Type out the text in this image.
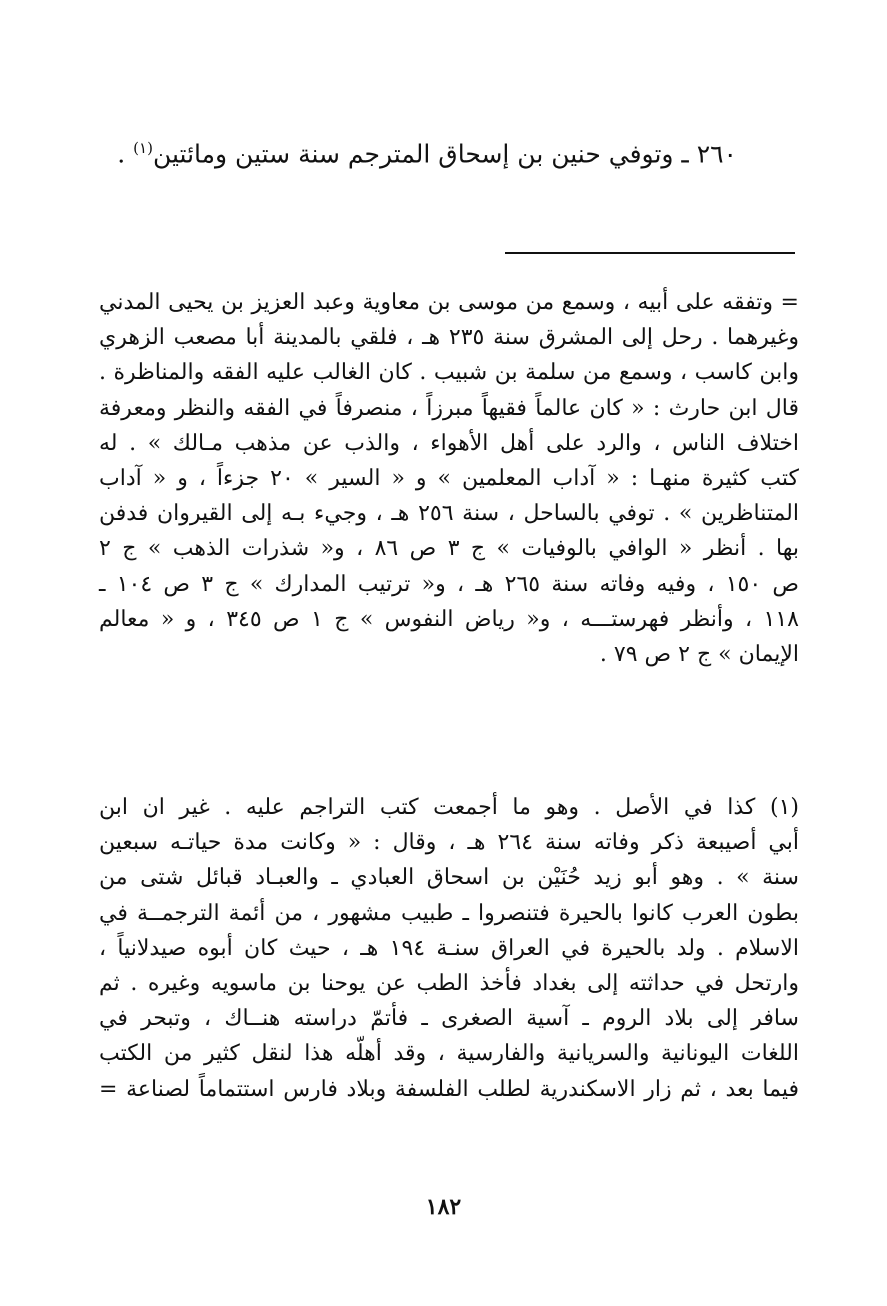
٢٦٠ ـ وتوفي حنين بن إسحاق المترجم سنة ستين ومائتين$^{(١)}$ .
= وتفقه على أبيه ، وسمع من موسى بن معاوية وعبد العزيز بن يحيى المدني
وغيرهما . رحل إلى المشرق سنة ٢٣٥ هـ ، فلقي بالمدينة أبا مصعب الزهري
وابن كاسب ، وسمع من سلمة بن شبيب . كان الغالب عليه الفقه والمناظرة .
قال ابن حارث : « كان عالماً فقيهاً مبرزاً ، منصرفاً في الفقه والنظر ومعرفة
اختلاف الناس ، والرد على أهل الأهواء ، والذب عن مذهب مـالك » . له
كتب كثيرة منهـا : « آداب المعلمين » و « السير » ٢٠ جزءاً ، و « آداب
المتناظرين » . توفي بالساحل ، سنة ٢٥٦ هـ ، وجيء بـه إلى القيروان فدفن
بها . أنظر « الوافي بالوفيات » ج ٣ ص ٨٦ ، و« شذرات الذهب » ج ٢
ص ١٥٠ ، وفيه وفاته سنة ٢٦٥ هـ ، و« ترتيب المدارك » ج ٣ ص ١٠٤ ـ
١١٨ ، وأنظر فهرستـــه ، و« رياض النفوس » ج ١ ص ٣٤٥ ، و « معالم
الإيمان » ج ٢ ص ٧٩ .
(١) كذا في الأصل . وهو ما أجمعت كتب التراجم عليه . غير ان ابن
أبي أصيبعة ذكر وفاته سنة ٢٦٤ هـ ، وقال : « وكانت مدة حياتـه سبعين
سنة » . وهو أبو زيد حُنَيْن بن اسحاق العبادي ـ والعبـاد قبائل شتى من
بطون العرب كانوا بالحيرة فتنصروا ـ طبيب مشهور ، من أئمة الترجمــة في
الاسلام . ولد بالحيرة في العراق سنـة ١٩٤ هـ ، حيث كان أبوه صيدلانياً ،
وارتحل في حداثته إلى بغداد فأخذ الطب عن يوحنا بن ماسويه وغيره . ثم
سافر إلى بلاد الروم ـ آسية الصغرى ـ فأتمّ دراسته هنــاك ، وتبحر في
اللغات اليونانية والسريانية والفارسية ، وقد أهلّه هذا لنقل كثير من الكتب
فيما بعد ، ثم زار الاسكندرية لطلب الفلسفة وبلاد فارس استتماماً لصناعة =
١٨٢
